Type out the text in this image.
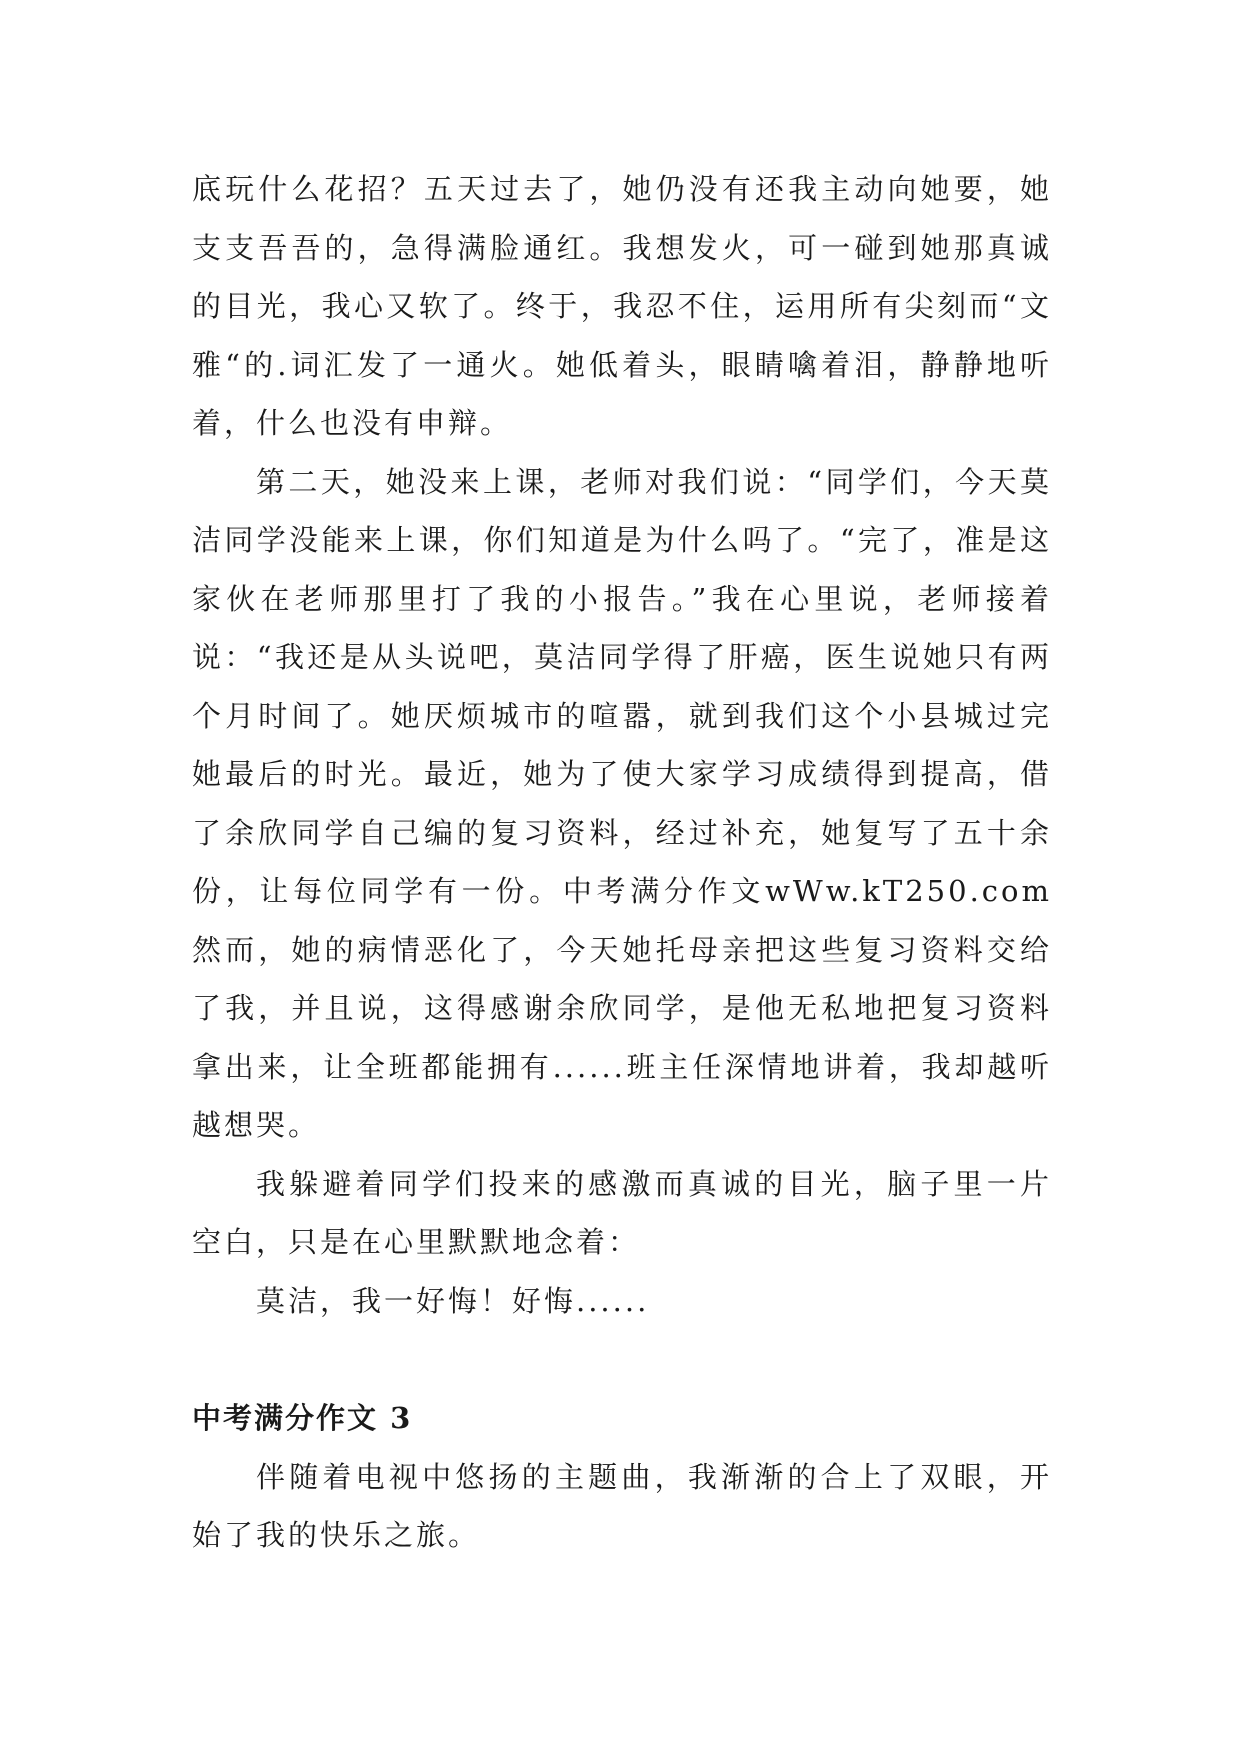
底玩什么花招？五天过去了，她仍没有还我主动向她要，她支支吾吾的，急得满脸通红。我想发火，可一碰到她那真诚的目光，我心又软了。终于，我忍不住，运用所有尖刻而“文雅“的.词汇发了一通火。她低着头，眼睛噙着泪，静静地听着，什么也没有申辩。

第二天，她没来上课，老师对我们说：“同学们，今天莫洁同学没能来上课，你们知道是为什么吗了。“完了，准是这家伙在老师那里打了我的小报告。”我在心里说，老师接着说：“我还是从头说吧，莫洁同学得了肝癌，医生说她只有两个月时间了。她厌烦城市的喧嚣，就到我们这个小县城过完她最后的时光。最近，她为了使大家学习成绩得到提高，借了余欣同学自己编的复习资料，经过补充，她复写了五十余份，让每位同学有一份。中考满分作文wWw.kT250.com 然而，她的病情恶化了，今天她托母亲把这些复习资料交给了我，并且说，这得感谢余欣同学，是他无私地把复习资料拿出来，让全班都能拥有......班主任深情地讲着，我却越听越想哭。

我躲避着同学们投来的感激而真诚的目光，脑子里一片空白，只是在心里默默地念着：

莫洁，我一好悔！好悔......

中考满分作文 3

伴随着电视中悠扬的主题曲，我渐渐的合上了双眼，开始了我的快乐之旅。
